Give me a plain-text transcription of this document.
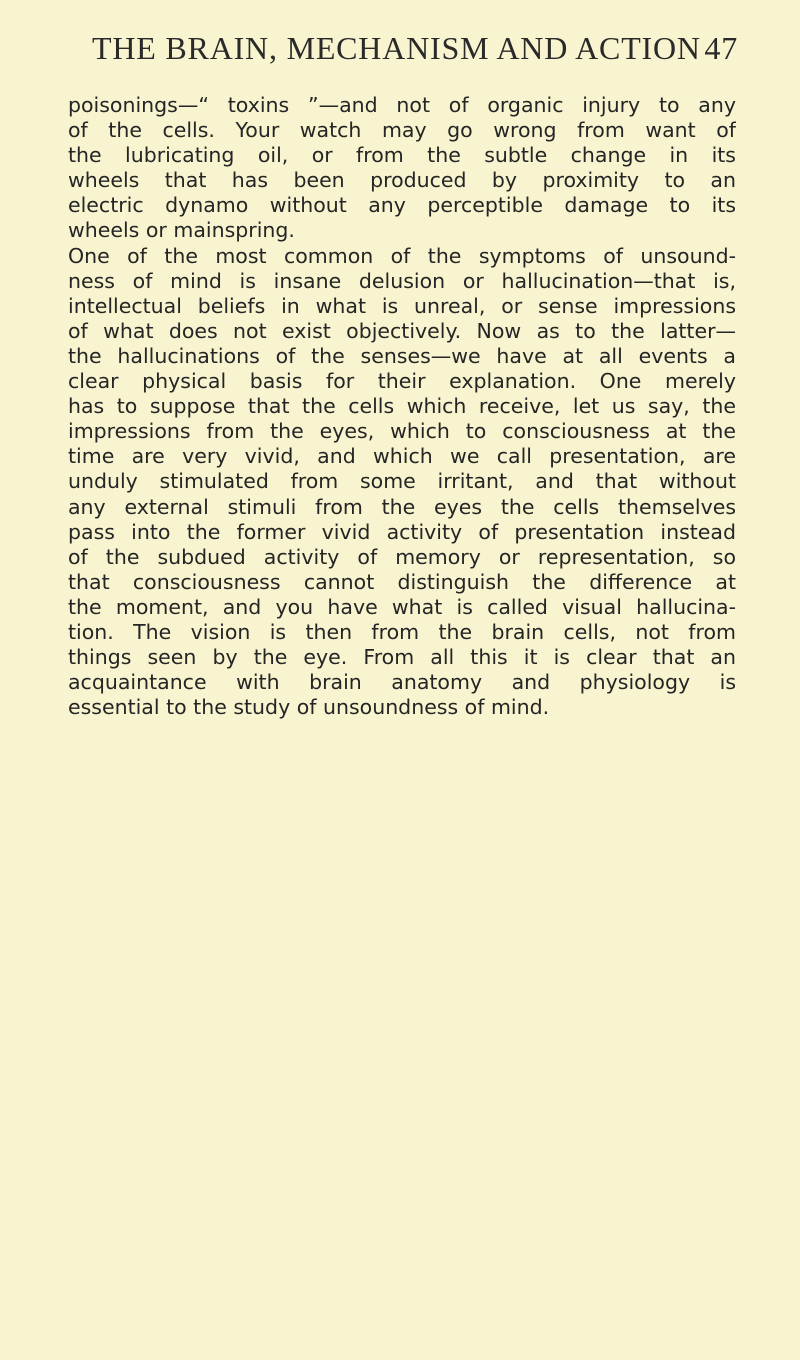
THE BRAIN, MECHANISM AND ACTION 47
poisonings—“ toxins ”—and not of organic injury to any
of the cells. Your watch may go wrong from want of
the lubricating oil, or from the subtle change in its
wheels that has been produced by proximity to an
electric dynamo without any perceptible damage to its
wheels or mainspring.
One of the most common of the symptoms of unsound-
ness of mind is insane delusion or hallucination—that is,
intellectual beliefs in what is unreal, or sense impressions
of what does not exist objectively. Now as to the latter—
the hallucinations of the senses—we have at all events a
clear physical basis for their explanation. One merely
has to suppose that the cells which receive, let us say, the
impressions from the eyes, which to consciousness at the
time are very vivid, and which we call presentation, are
unduly stimulated from some irritant, and that without
any external stimuli from the eyes the cells themselves
pass into the former vivid activity of presentation instead
of the subdued activity of memory or representation, so
that consciousness cannot distinguish the difference at
the moment, and you have what is called visual hallucina-
tion. The vision is then from the brain cells, not from
things seen by the eye. From all this it is clear that an
acquaintance with brain anatomy and physiology is
essential to the study of unsoundness of mind.
